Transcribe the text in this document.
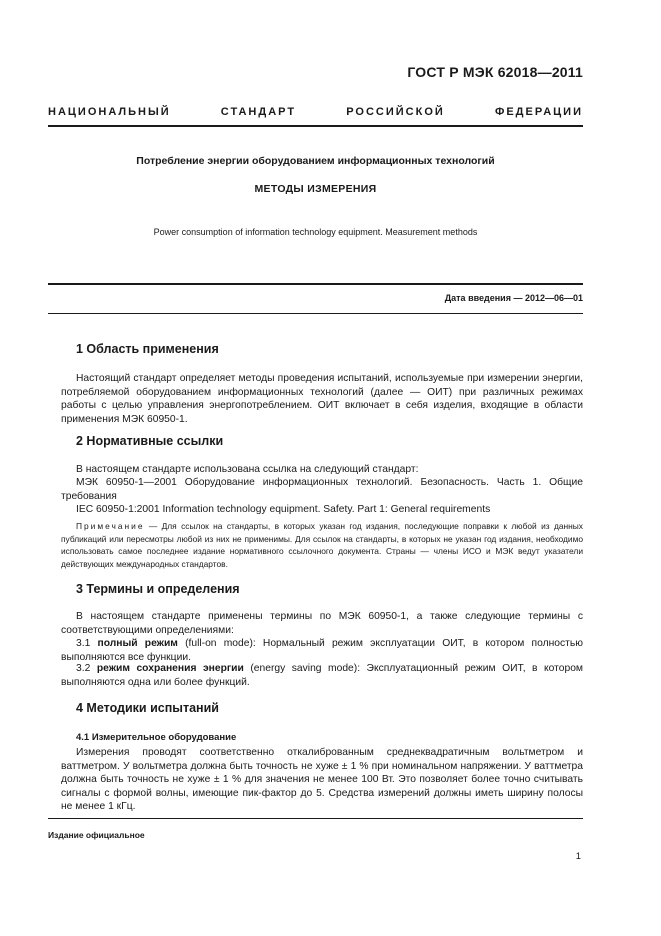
ГОСТ Р МЭК 62018—2011
НАЦИОНАЛЬНЫЙ	СТАНДАРТ	РОССИЙСКОЙ	ФЕДЕРАЦИИ
Потребление энергии оборудованием информационных технологий
МЕТОДЫ ИЗМЕРЕНИЯ
Power consumption of information technology equipment. Measurement methods
Дата введения — 2012—06—01
1 Область применения

Настоящий стандарт определяет методы проведения испытаний, используемые при измерении энергии, потребляемой оборудованием информационных технологий (далее — ОИТ) при различных режимах работы с целью управления энергопотреблением. ОИТ включает в себя изделия, входящие в области применения МЭК 60950-1.

2 Нормативные ссылки

В настоящем стандарте использована ссылка на следующий стандарт:

МЭК 60950-1—2001 Оборудование информационных технологий. Безопасность. Часть 1. Общие требования

IEC 60950-1:2001 Information technology equipment. Safety. Part 1: General requirements

Примечание — Для ссылок на стандарты, в которых указан год издания, последующие поправки к любой из данных публикаций или пересмотры любой из них не применимы. Для ссылок на стандарты, в которых не указан год издания, необходимо использовать самое последнее издание нормативного ссылочного документа. Страны — члены ИСО и МЭК ведут указатели действующих международных стандартов.

3 Термины и определения

В настоящем стандарте применены термины по МЭК 60950-1, а также следующие термины с соответствующими определениями:

3.1 полный режим (full-on mode): Нормальный режим эксплуатации ОИТ, в котором полностью выполняются все функции.

3.2 режим сохранения энергии (energy saving mode): Эксплуатационный режим ОИТ, в котором выполняются одна или более функций.

4 Методики испытаний
4.1 Измерительное оборудование

Измерения проводят соответственно откалиброванным среднеквадратичным вольтметром и ваттметром. У вольтметра должна быть точность не хуже ± 1 % при номинальном напряжении. У ваттметра должна быть точность не хуже ± 1 % для значения не менее 100 Вт. Это позволяет более точно считывать сигналы с формой волны, имеющие пик-фактор до 5. Средства измерений должны иметь ширину полосы не менее 1 кГц.

Издание официальное
1
